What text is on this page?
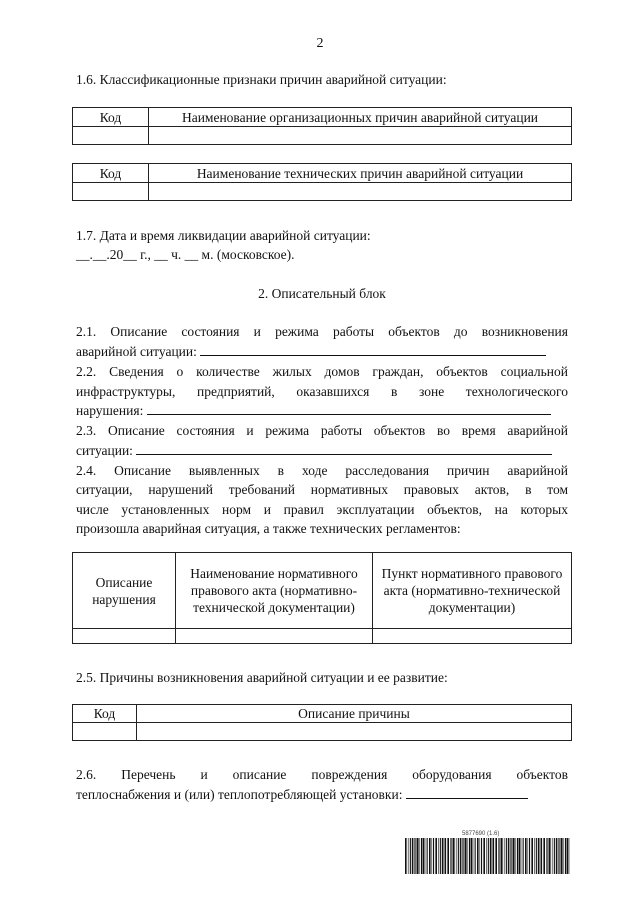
2
1.6. Классификационные признаки причин аварийной ситуации:
Код	Наименование организационных причин аварийной ситуации

Код	Наименование технических причин аварийной ситуации

1.7. Дата и время ликвидации аварийной ситуации:
__.__.20__ г., __ ч. __ м. (московское).
2. Описательный блок
2.1. Описание состояния и режима работы объектов до возникновения
аварийной ситуации:
2.2. Сведения о количестве жилых домов граждан, объектов социальной
инфраструктуры, предприятий, оказавшихся в зоне технологического
нарушения:
2.3. Описание состояния и режима работы объектов во время аварийной
ситуации:
2.4. Описание выявленных в ходе расследования причин аварийной
ситуации, нарушений требований нормативных правовых актов, в том
числе установленных норм и правил эксплуатации объектов, на которых
произошла аварийная ситуация, а также технических регламентов:
Описание нарушения	Наименование нормативного правового акта (нормативно-технической документации)	Пункт нормативного правового акта (нормативно-технической документации)

2.5. Причины возникновения аварийной ситуации и ее развитие:
Код	Описание причины

2.6. Перечень и описание повреждения оборудования объектов
теплоснабжения и (или) теплопотребляющей установки:
5877690 (1.6)
